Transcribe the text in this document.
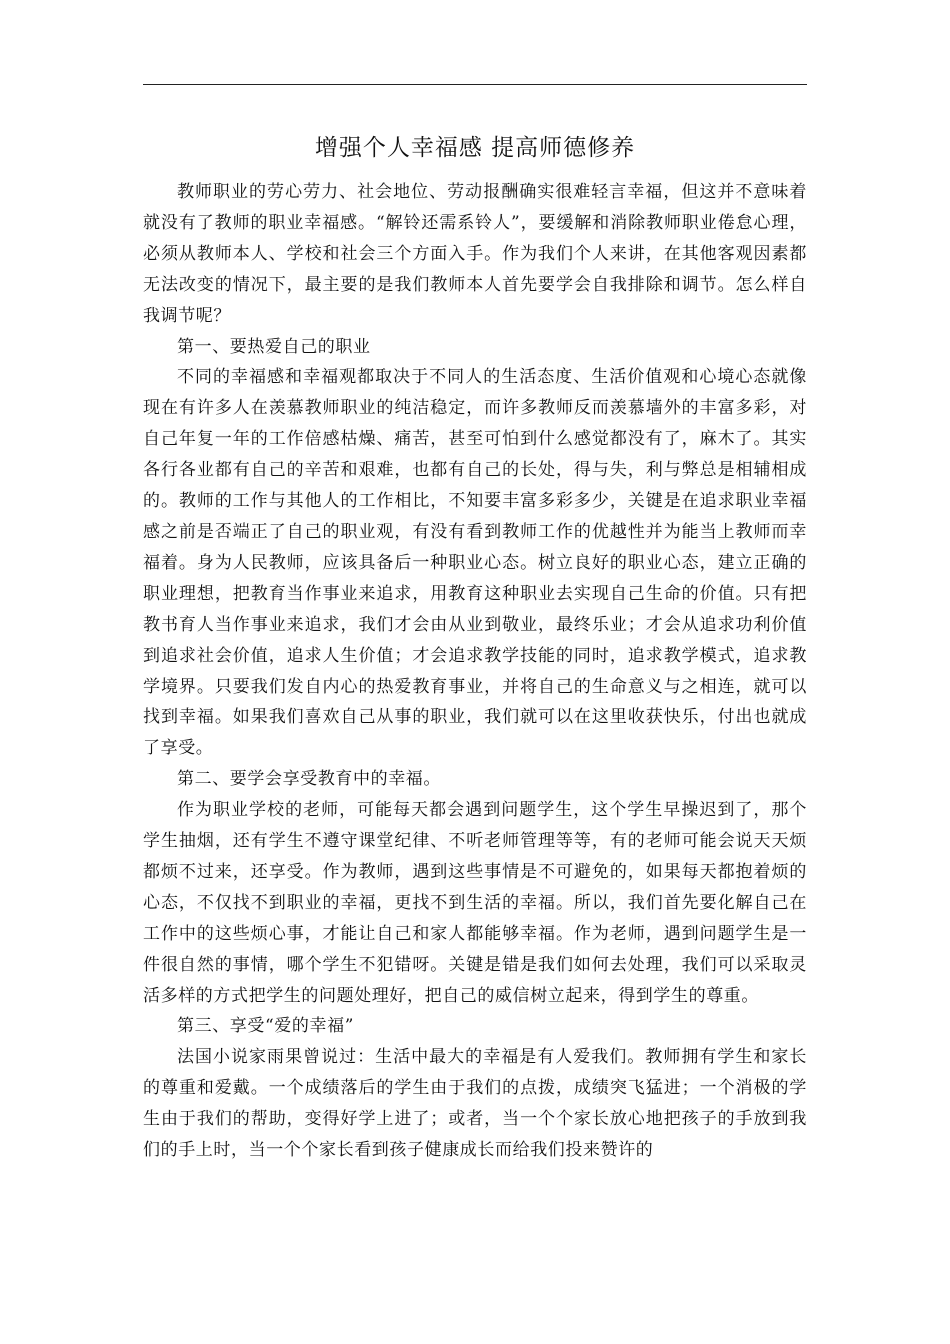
增强个人幸福感 提高师德修养

教师职业的劳心劳力、社会地位、劳动报酬确实很难轻言幸福，但这并不意味着就没有了教师的职业幸福感。“解铃还需系铃人”，要缓解和消除教师职业倦怠心理，必须从教师本人、学校和社会三个方面入手。作为我们个人来讲，在其他客观因素都无法改变的情况下，最主要的是我们教师本人首先要学会自我排除和调节。怎么样自我调节呢？

第一、要热爱自己的职业

不同的幸福感和幸福观都取决于不同人的生活态度、生活价值观和心境心态就像现在有许多人在羡慕教师职业的纯洁稳定，而许多教师反而羡慕墙外的丰富多彩，对自己年复一年的工作倍感枯燥、痛苦，甚至可怕到什么感觉都没有了，麻木了。其实各行各业都有自己的辛苦和艰难，也都有自己的长处，得与失，利与弊总是相辅相成的。教师的工作与其他人的工作相比，不知要丰富多彩多少，关键是在追求职业幸福感之前是否端正了自己的职业观，有没有看到教师工作的优越性并为能当上教师而幸福着。身为人民教师，应该具备后一种职业心态。树立良好的职业心态，建立正确的职业理想，把教育当作事业来追求，用教育这种职业去实现自己生命的价值。只有把教书育人当作事业来追求，我们才会由从业到敬业，最终乐业；才会从追求功利价值到追求社会价值，追求人生价值；才会追求教学技能的同时，追求教学模式，追求教学境界。只要我们发自内心的热爱教育事业，并将自己的生命意义与之相连，就可以找到幸福。如果我们喜欢自己从事的职业，我们就可以在这里收获快乐，付出也就成了享受。

第二、要学会享受教育中的幸福。

作为职业学校的老师，可能每天都会遇到问题学生，这个学生早操迟到了，那个学生抽烟，还有学生不遵守课堂纪律、不听老师管理等等，有的老师可能会说天天烦都烦不过来，还享受。作为教师，遇到这些事情是不可避免的，如果每天都抱着烦的心态，不仅找不到职业的幸福，更找不到生活的幸福。所以，我们首先要化解自己在工作中的这些烦心事，才能让自己和家人都能够幸福。作为老师，遇到问题学生是一件很自然的事情，哪个学生不犯错呀。关键是错是我们如何去处理，我们可以采取灵活多样的方式把学生的问题处理好，把自己的威信树立起来，得到学生的尊重。

第三、享受“爱的幸福”

法国小说家雨果曾说过：生活中最大的幸福是有人爱我们。教师拥有学生和家长的尊重和爱戴。一个成绩落后的学生由于我们的点拨，成绩突飞猛进；一个消极的学生由于我们的帮助，变得好学上进了；或者，当一个个家长放心地把孩子的手放到我们的手上时，当一个个家长看到孩子健康成长而给我们投来赞许的
